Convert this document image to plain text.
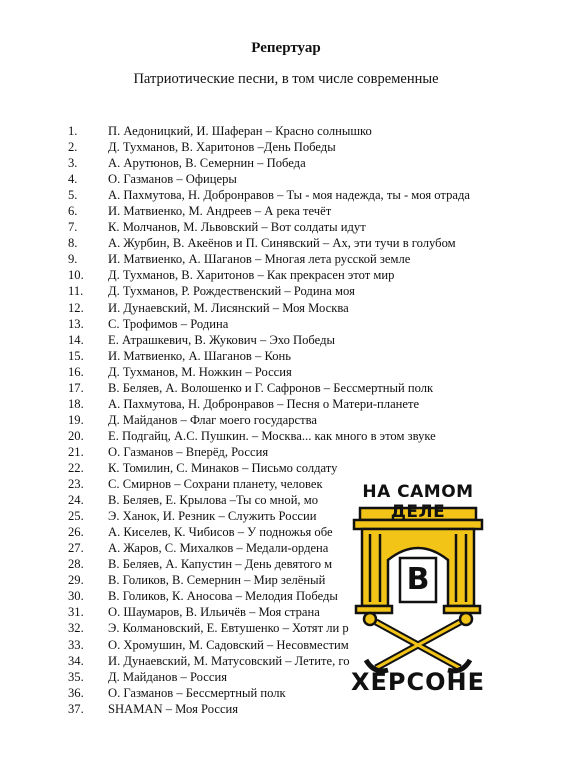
Репертуар
Патриотические песни, в том числе современные
1. П. Аедоницкий, И. Шаферан – Красно солнышко
2. Д. Тухманов, В. Харитонов –День Победы
3. А. Арутюнов, В. Семернин – Победа
4. О. Газманов – Офицеры
5. А. Пахмутова, Н. Добронравов – Ты - моя надежда, ты - моя отрада
6. И. Матвиенко, М. Андреев – А река течёт
7. К. Молчанов, М. Львовский – Вот солдаты идут
8. А. Журбин, В. Акеёнов и П. Синявский – Ах, эти тучи в голубом
9. И. Матвиенко, А. Шаганов – Многая лета русской земле
10. Д. Тухманов, В. Харитонов – Как прекрасен этот мир
11. Д. Тухманов, Р. Рождественский – Родина моя
12. И. Дунаевский, М. Лисянский – Моя Москва
13. С. Трофимов – Родина
14. Е. Атрашкевич, В. Жукович – Эхо Победы
15. И. Матвиенко, А. Шаганов – Конь
16. Д. Тухманов, М. Ножкин – Россия
17. В. Беляев, А. Волошенко и Г. Сафронов – Бессмертный полк
18. А. Пахмутова, Н. Добронравов – Песня о Матери-планете
19. Д. Майданов – Флаг моего государства
20. Е. Подгайц, А.С. Пушкин. – Москва... как много в этом звуке
21. О. Газманов – Вперёд, Россия
22. К. Томилин, С. Минаков – Письмо солдату
23. С. Смирнов – Сохрани планету, человек
24. В. Беляев, Е. Крылова –Ты со мной, мо
25. Э. Ханок, И. Резник – Служить России
26. А. Киселев, К. Чибисов – У подножья обе
27. А. Жаров, С. Михалков – Медали-ордена
28. В. Беляев, А. Капустин – День девятого м
29. В. Голиков, В. Семернин – Мир зелёный
30. В. Голиков, К. Аносова – Мелодия Победы
31. О. Шаумаров, В. Ильичёв – Моя страна
32. Э. Колмановский, Е. Евтушенко – Хотят ли р
33. О. Хромушин, М. Садовский – Несовместим
34. И. Дунаевский, М. Матусовский – Летите, го
35. Д. Майданов – Россия
36. О. Газманов – Бессмертный полк
37. SHAMAN – Моя Россия
НА САМОМ ДЕЛЕ
В
ХЕРСОНЕ
